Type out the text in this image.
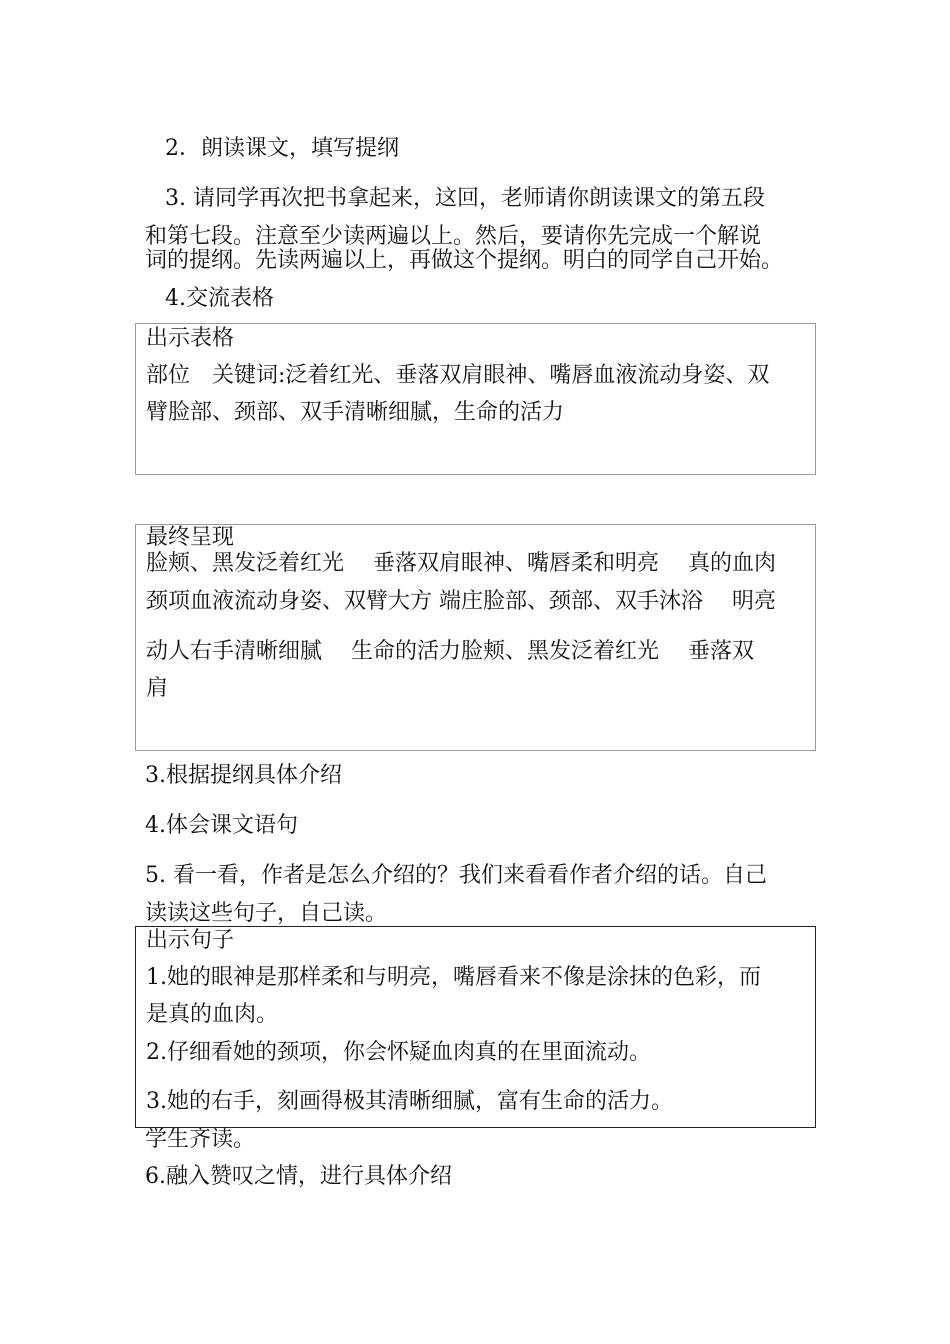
2．朗读课文，填写提纲
3. 请同学再次把书拿起来，这回，老师请你朗读课文的第五段
和第七段。注意至少读两遍以上。然后，要请你先完成一个解说
词的提纲。先读两遍以上，再做这个提纲。明白的同学自己开始。
4.交流表格
出示表格
部位　关键词:泛着红光、垂落双肩眼神、嘴唇血液流动身姿、双
臂脸部、颈部、双手清晰细腻，生命的活力
最终呈现
脸颊、黑发泛着红光　 垂落双肩眼神、嘴唇柔和明亮　 真的血肉
颈项血液流动身姿、双臂大方 端庄脸部、颈部、双手沐浴　 明亮
动人右手清晰细腻　 生命的活力脸颊、黑发泛着红光　 垂落双
肩
3.根据提纲具体介绍
4.体会课文语句
5. 看一看，作者是怎么介绍的？我们来看看作者介绍的话。自己
读读这些句子，自己读。
出示句子
1.她的眼神是那样柔和与明亮，嘴唇看来不像是涂抹的色彩，而
是真的血肉。
2.仔细看她的颈项，你会怀疑血肉真的在里面流动。
3.她的右手，刻画得极其清晰细腻，富有生命的活力。
学生齐读。
6.融入赞叹之情，进行具体介绍
